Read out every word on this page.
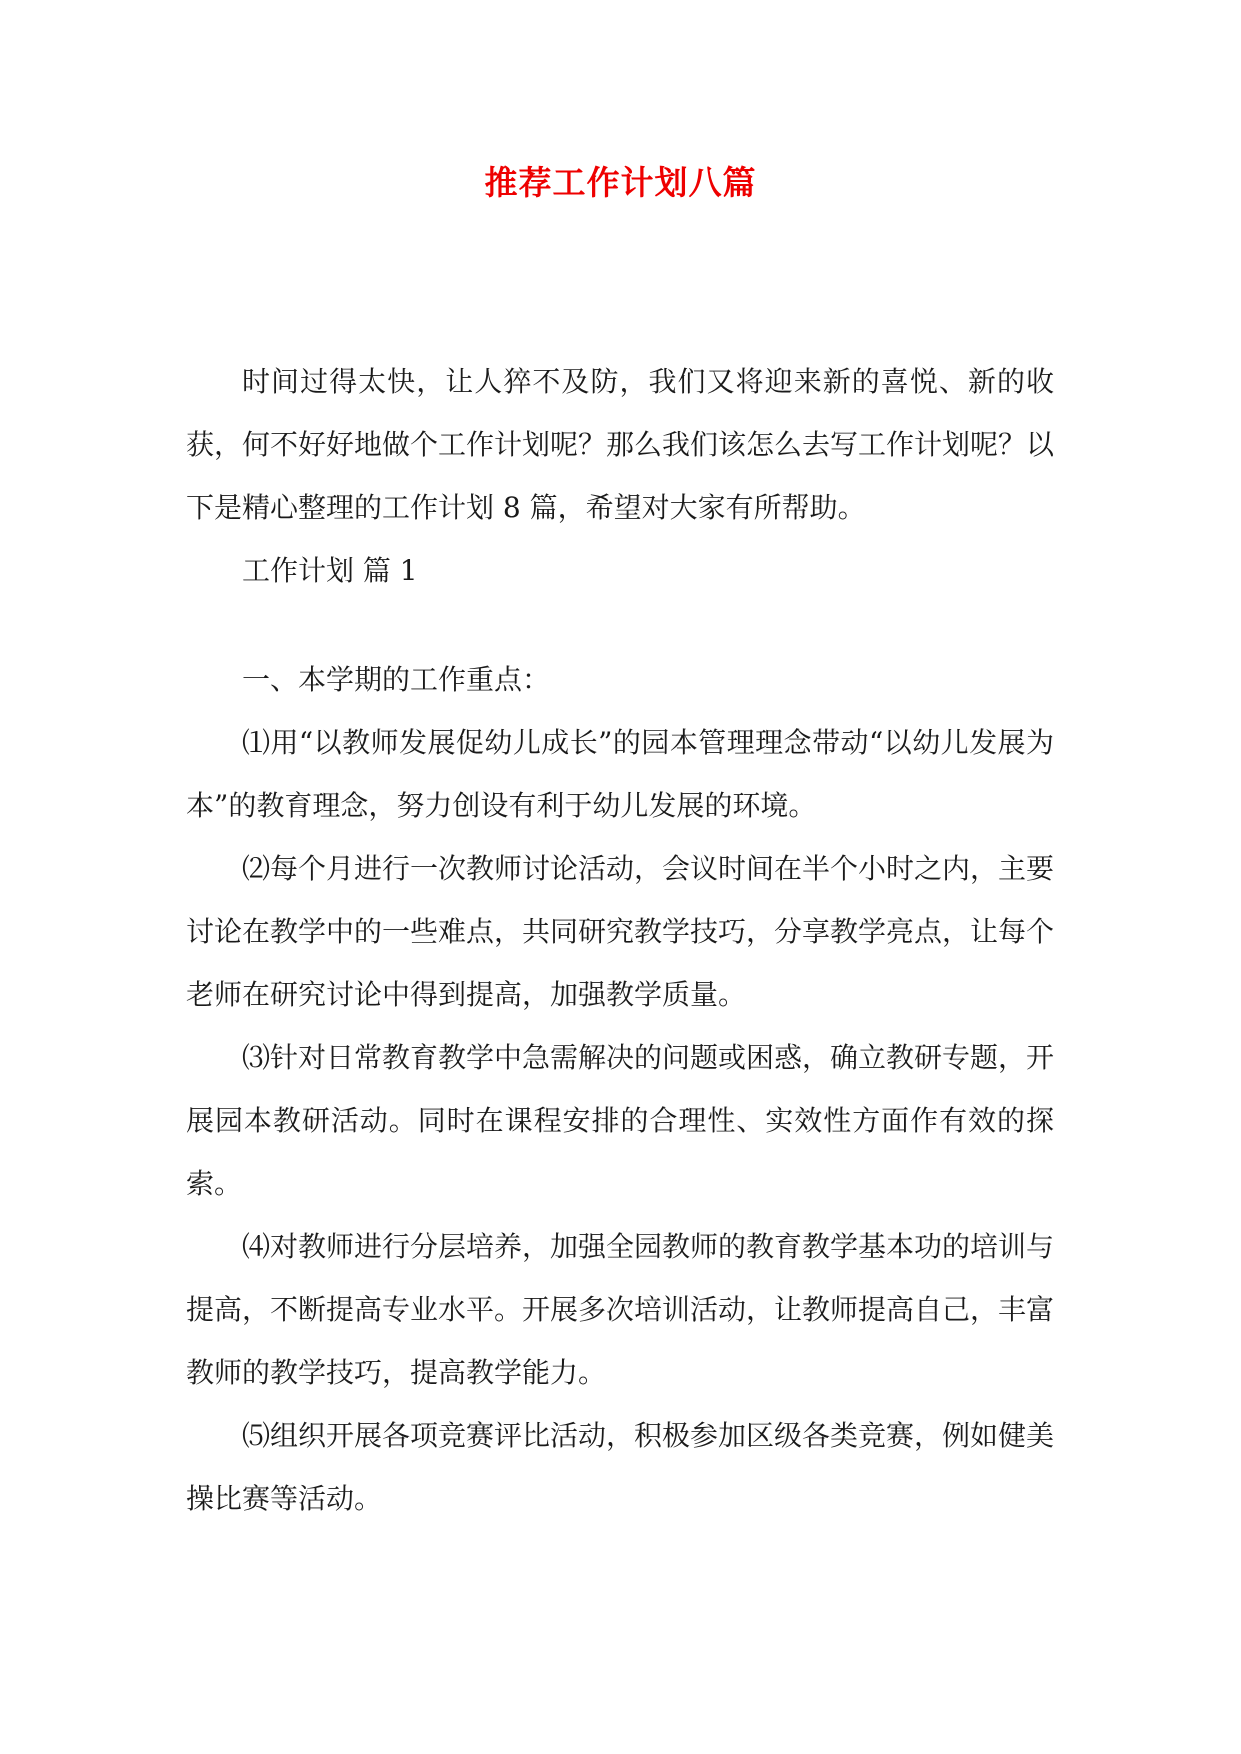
推荐工作计划八篇

时间过得太快，让人猝不及防，我们又将迎来新的喜悦、新的收获，何不好好地做个工作计划呢？那么我们该怎么去写工作计划呢？以下是精心整理的工作计划 8 篇，希望对大家有所帮助。

工作计划 篇 1

一、本学期的工作重点：

⑴用“以教师发展促幼儿成长”的园本管理理念带动“以幼儿发展为本”的教育理念，努力创设有利于幼儿发展的环境。

⑵每个月进行一次教师讨论活动，会议时间在半个小时之内，主要讨论在教学中的一些难点，共同研究教学技巧，分享教学亮点，让每个老师在研究讨论中得到提高，加强教学质量。

⑶针对日常教育教学中急需解决的问题或困惑，确立教研专题，开展园本教研活动。同时在课程安排的合理性、实效性方面作有效的探索。

⑷对教师进行分层培养，加强全园教师的教育教学基本功的培训与提高，不断提高专业水平。开展多次培训活动，让教师提高自己，丰富教师的教学技巧，提高教学能力。

⑸组织开展各项竞赛评比活动，积极参加区级各类竞赛，例如健美操比赛等活动。
